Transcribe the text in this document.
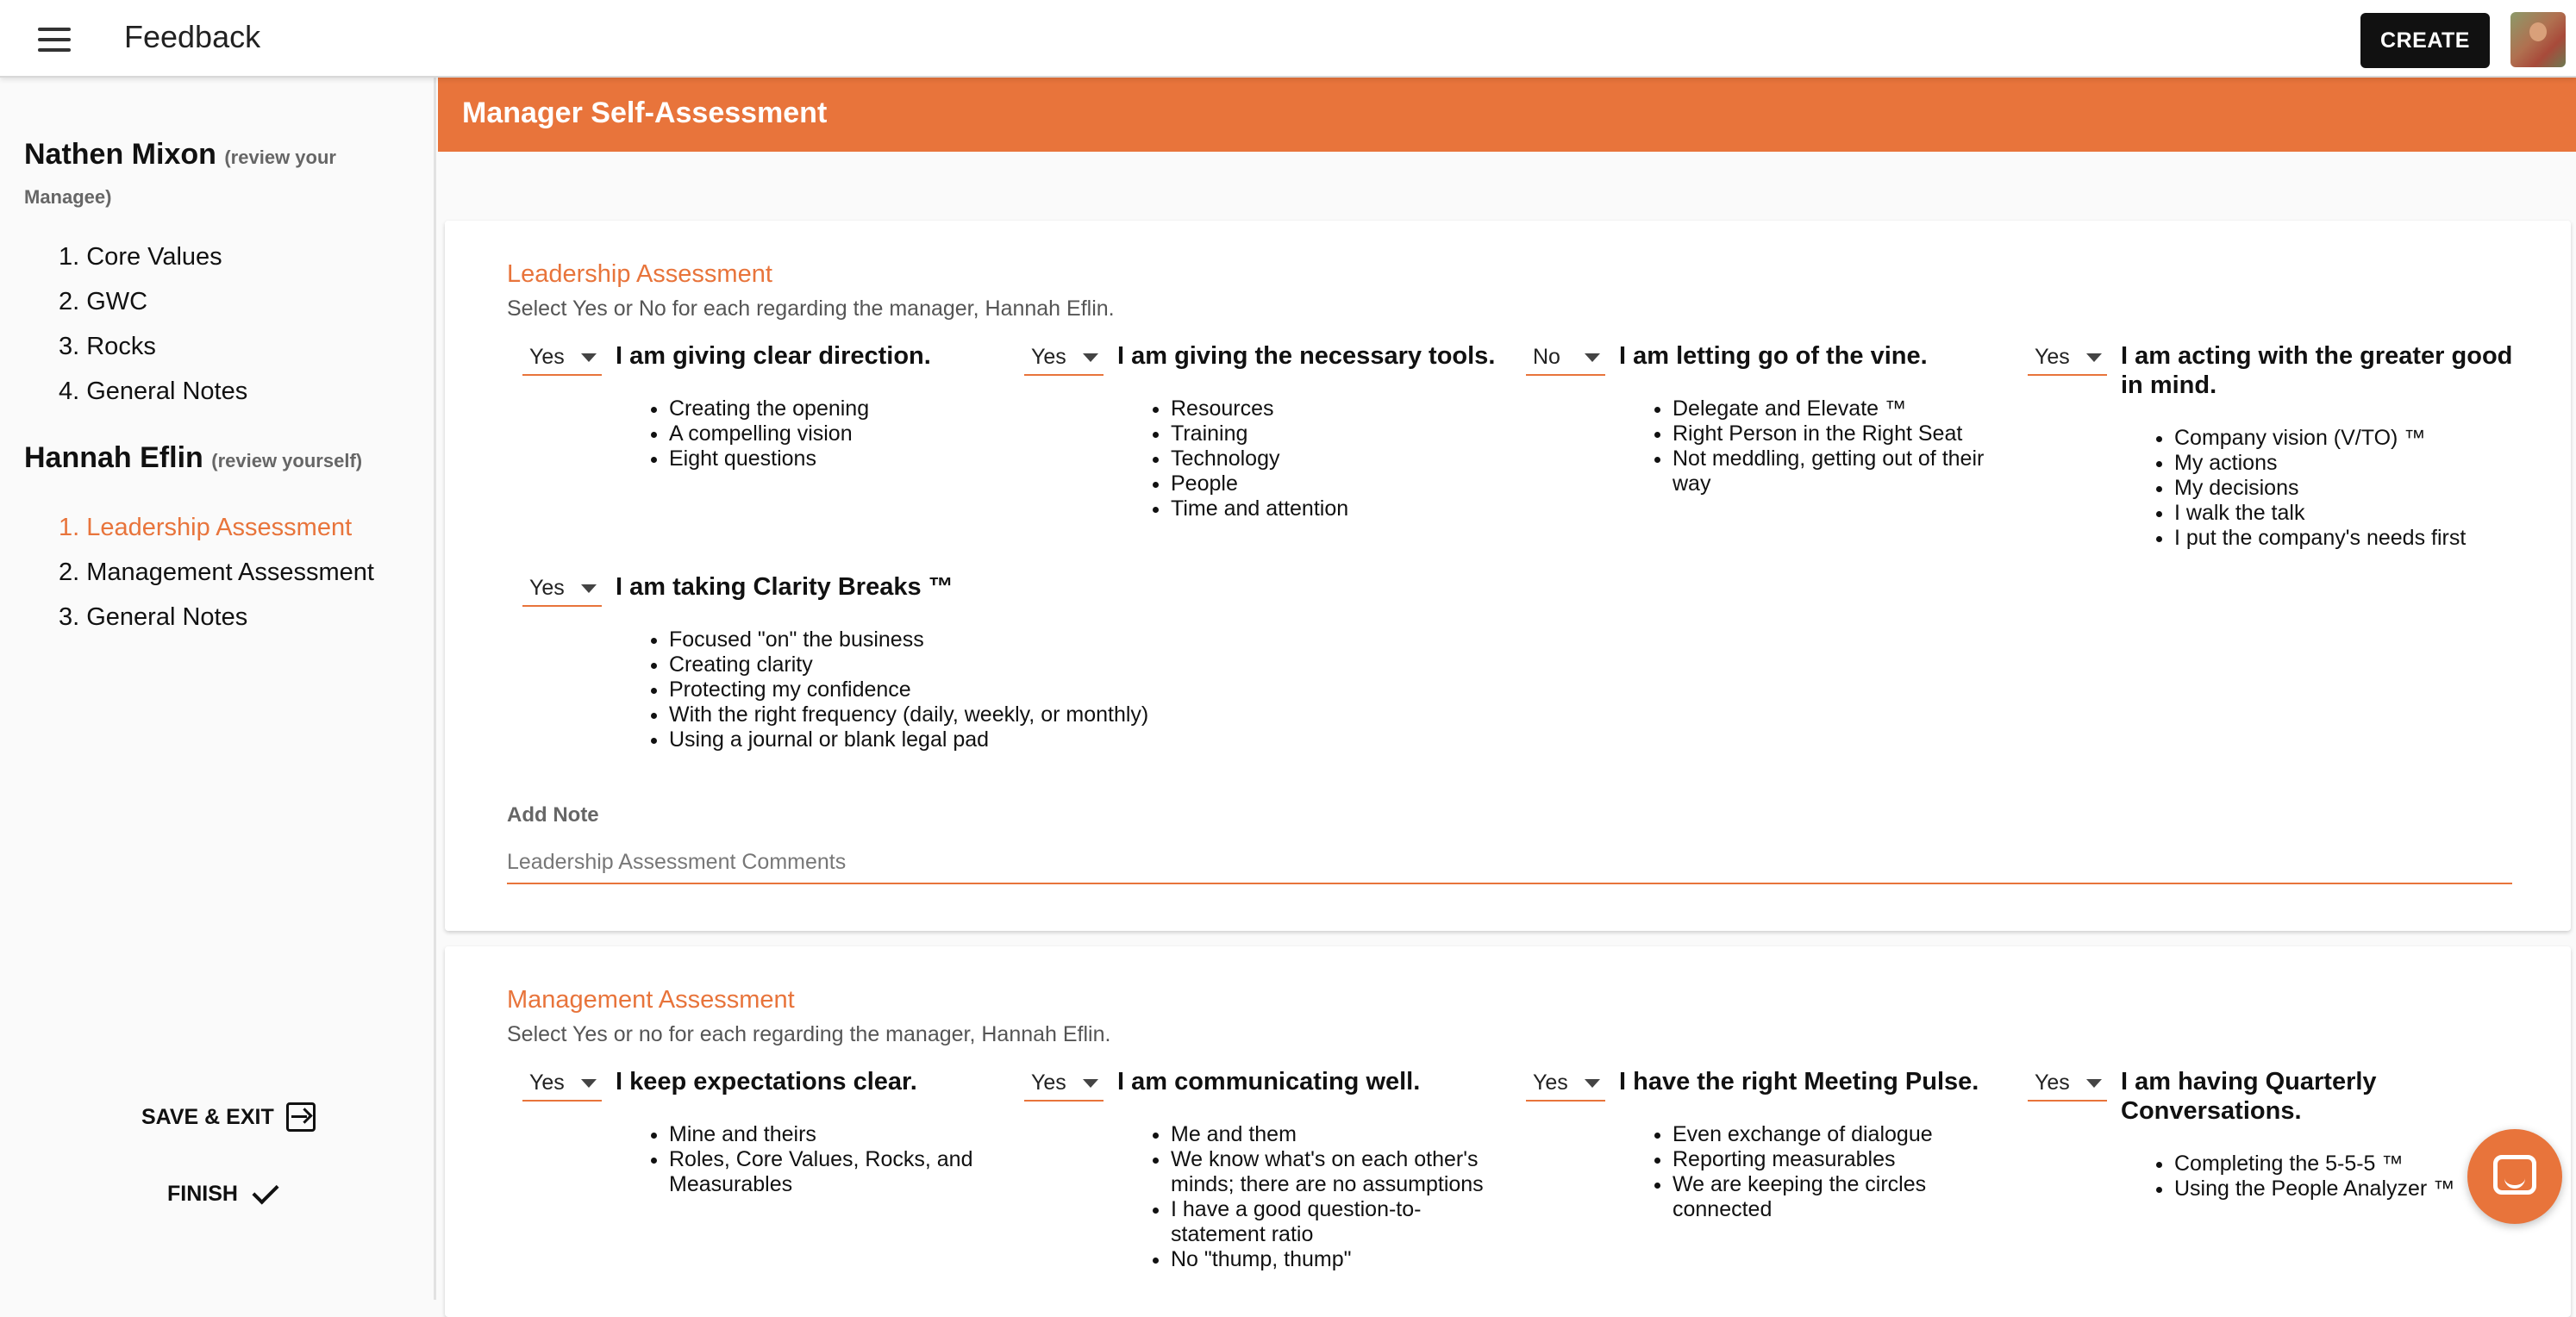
Feedback	CREATE
Nathen Mixon (review your Managee)
1. Core Values
2. GWC
3. Rocks
4. General Notes
Hannah Eflin (review yourself)
1. Leadership Assessment
2. Management Assessment
3. General Notes
SAVE & EXIT
FINISH
Manager Self-Assessment
Leadership Assessment
Select Yes or No for each regarding the manager, Hannah Eflin.
Yes I am giving clear direction.
• Creating the opening
• A compelling vision
• Eight questions
Yes I am giving the necessary tools.
• Resources
• Training
• Technology
• People
• Time and attention
No I am letting go of the vine.
• Delegate and Elevate ™
• Right Person in the Right Seat
• Not meddling, getting out of their way
Yes I am acting with the greater good in mind.
• Company vision (V/TO) ™
• My actions
• My decisions
• I walk the talk
• I put the company's needs first
Yes I am taking Clarity Breaks ™
• Focused "on" the business
• Creating clarity
• Protecting my confidence
• With the right frequency (daily, weekly, or monthly)
• Using a journal or blank legal pad
Add Note
Leadership Assessment Comments
Management Assessment
Select Yes or no for each regarding the manager, Hannah Eflin.
Yes I keep expectations clear.
• Mine and theirs
• Roles, Core Values, Rocks, and Measurables
Yes I am communicating well.
• Me and them
• We know what's on each other's minds; there are no assumptions
• I have a good question-to-statement ratio
• No "thump, thump"
Yes I have the right Meeting Pulse.
• Even exchange of dialogue
• Reporting measurables
• We are keeping the circles connected
Yes I am having Quarterly Conversations.
• Completing the 5-5-5 ™
• Using the People Analyzer ™
